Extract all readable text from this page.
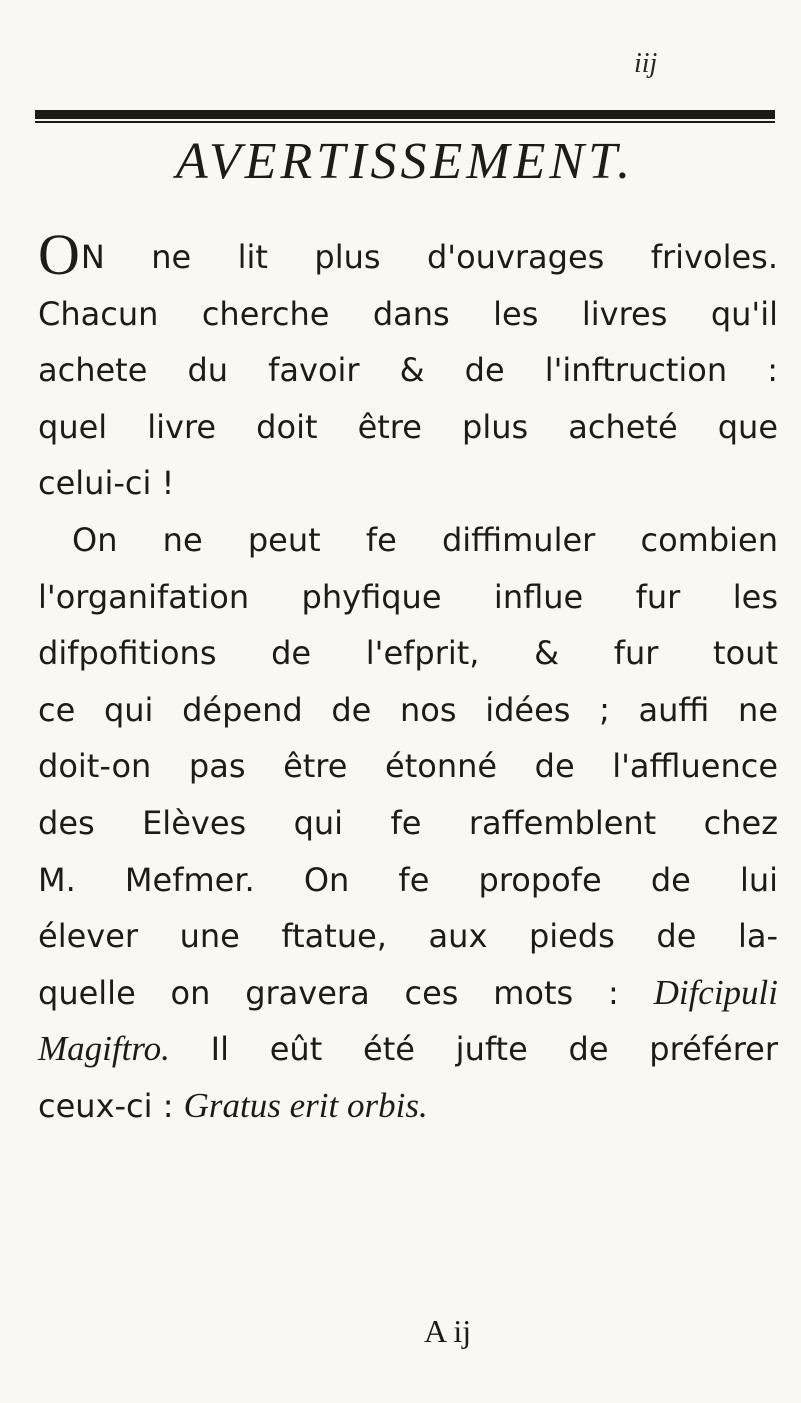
iij
AVERTISSEMENT.
ON ne lit plus d'ouvrages frivoles.
Chacun cherche dans les livres qu'il
achete du favoir & de l'inftruction :
quel livre doit être plus acheté que
celui-ci !
On ne peut fe diffimuler combien
l'organifation phyfique influe fur les
difpofitions de l'efprit, & fur tout
ce qui dépend de nos idées ; auffi ne
doit-on pas être étonné de l'affluence
des Elèves qui fe raffemblent chez
M. Mefmer. On fe propofe de lui
élever une ftatue, aux pieds de la-
quelle on gravera ces mots : Difcipuli
Magiftro. Il eût été jufte de préférer
ceux-ci : Gratus erit orbis.
A ij
